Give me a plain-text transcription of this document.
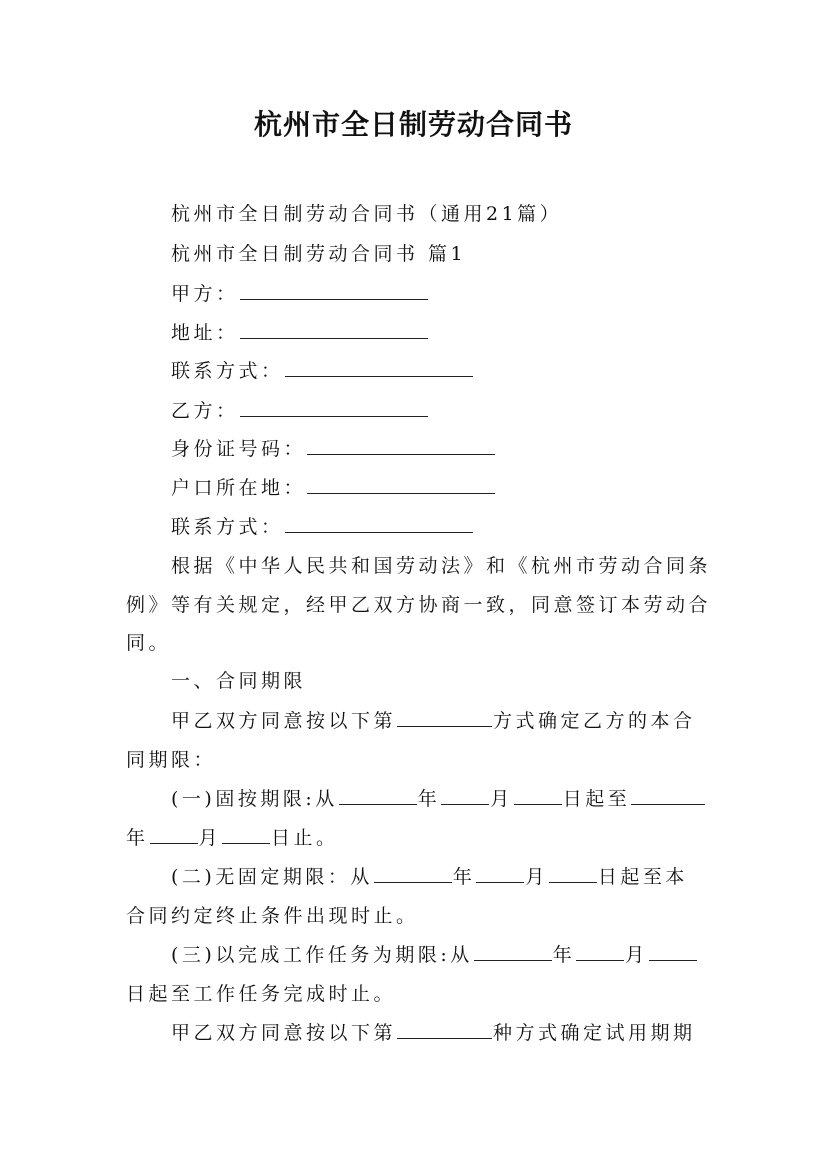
杭州市全日制劳动合同书
杭州市全日制劳动合同书（通用21篇）
杭州市全日制劳动合同书 篇1
甲方：
地址：
联系方式：
乙方：
身份证号码：
户口所在地：
联系方式：
根据《中华人民共和国劳动法》和《杭州市劳动合同条
例》等有关规定，经甲乙双方协商一致，同意签订本劳动合
同。
一、合同期限
甲乙双方同意按以下第	方式确定乙方的本合
同期限：
(一)固按期限:从	年	月	日起至
年	月	日止。
(二)无固定期限：从	年	月	日起至本
合同约定终止条件出现时止。
(三)以完成工作任务为期限:从	年	月
日起至工作任务完成时止。
甲乙双方同意按以下第	种方式确定试用期期
